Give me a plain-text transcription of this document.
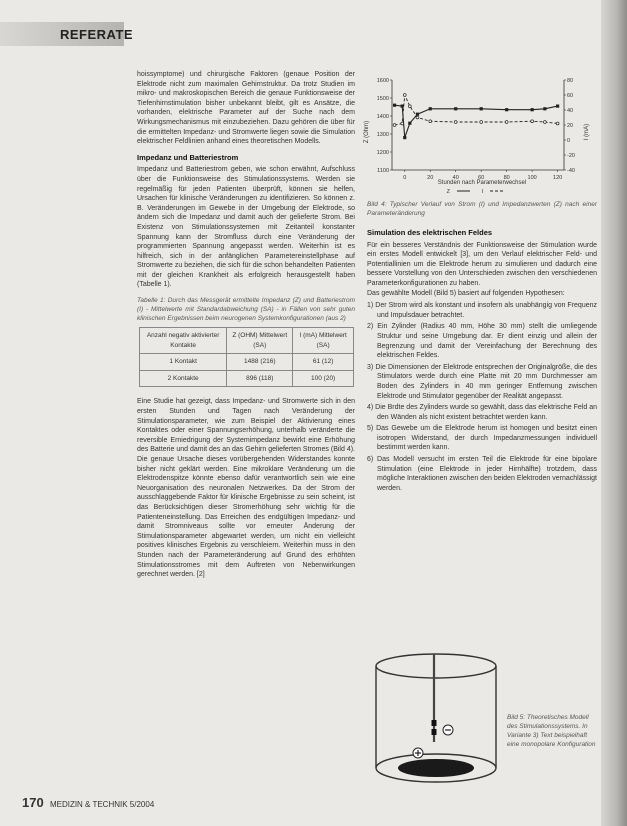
REFERATE

hoissymptome) und chirurgische Faktoren (genaue Position der Elektrode nicht zum maximalen Gehirnstruktur. Da trotz Studien im mikro- und makroskopischen Bereich die genaue Funktionsweise der Tiefenhirnstimulation bisher unbekannt bleibt, gilt es Ansätze, die vorhanden, elektrische Parameter auf der Suche nach dem Wirkungsmechanismus mit einzubeziehen. Dazu gehören die über für die ermittelten Impedanz- und Stromwerte liegen sowie die Simulation elektrischer Feldlinien anhand eines theoretischen Modells.

Impedanz und Batteriestrom

Impedanz und Batteriestrom geben, wie schon erwähnt, Aufschluss über die Funktionsweise des Stimulationssystems. Werden sie regelmäßig für jeden Patienten überprüft, können sie helfen, Ursachen für klinische Veränderungen zu identifizieren. So können z. B. Veränderungen im Gewebe in der Umgebung der Elektrode, so ändern sich die Impedanz und damit auch der gelieferte Strom. Bei Existenz von Stimulationssystemen mit Zeitanteil konstanter Spannung kann der Stromfluss durch eine Veränderung der programmierten Spannung angepasst werden. Weiterhin ist es hilfreich, sich in der anfänglichen Parametereinstellphase auf Stromwerte zu beziehen, die sich für die schon behandelten Patienten mit der gleichen Krankheit als erfolgreich herausgestellt haben (Tabelle 1).

Tabelle 1: Durch das Messgerät ermittelte Impedanz (Z) und Batteriestrom (I) - Mittelwerte mit Standardabweichung (SA) - in Fällen von sehr guten klinischen Ergebnissen beim neurogenen Systemkonfigurationen (aus 2)

Anzahl negativ aktivierter Kontakte	Z (OHM) Mittelwert (SA)	I (mA) Mittelwert (SA)
1 Kontakt	1488 (216)	61 (12)
2 Kontakte	896 (118)	100 (20)

Eine Studie hat gezeigt, dass Impedanz- und Stromwerte sich in den ersten Stunden und Tagen nach Veränderung der Stimulationsparameter, wie zum Beispiel der Aktivierung eines Kontaktes oder einer Spannungserhöhung, unterhalb veränderte die reversible Erniedrigung der Systemimpedanz bewirkt eine Erhöhung des Batterie und damit des an das Gehirn gelieferten Stromes (Bild 4). Die genaue Ursache dieses vorübergehenden Widerstandes konnte bisher nicht geklärt werden. Eine mikroklare Veränderung um die Elektrodenspitze könnte ebenso dafür verantwortlich sein wie eine Neuorganisation des neuronalen Netzwerkes. Da der Strom der ausschlaggebende Faktor für klinische Ergebnisse zu sein scheint, ist das Berücksichtigen dieser Stromerhöhung sehr wichtig für die Patienteneinstellung. Das Erreichen des endgültigen Impedanz- und damit Stromniveaus sollte vor erneuter Änderung der Stimulationsparameter abgewartet werden, um nicht ein vielleicht positives klinisches Ergebnis zu verschleiern. Weiterhin muss in den Stunden nach der Parameteränderung auf Grund des erhöhten Stimulationsstromes mit dem Auftreten von Nebenwirkungen gerechnet werden. [2]

0	20	40	60	80	100	120
1100
1200
1300
1400
1500
1600
-40
-20
0
20
40
60
80
Stunden nach Parameterwechsel
Z (Ohm)	I (mA)
Z	I

Bild 4: Typischer Verlauf von Strom (I) und Impedanzwerten (Z) nach einer Parameteränderung

Simulation des elektrischen Feldes

Für ein besseres Verständnis der Funktionsweise der Stimulation wurde ein erstes Modell entwickelt [3], um den Verlauf elektrischer Feld- und Potentiallinien um die Elektrode herum zu simulieren und dadurch eine bessere Vorstellung von den Unterschieden zwischen den verschiedenen Parameterkonfigurationen zu haben.

Das gewählte Modell (Bild 5) basiert auf folgenden Hypothesen:

1) Der Strom wird als konstant und insofern als unabhängig von Frequenz und Impulsdauer betrachtet.
2) Ein Zylinder (Radius 40 mm, Höhe 30 mm) stellt die umliegende Struktur und seine Umgebung dar. Er dient einzig und allein der Begrenzung und damit der Vereinfachung der Berechnung des elektrischen Feldes.
3) Die Dimensionen der Elektrode entsprechen der Originalgröße, die des Stimulators werde durch eine Platte mit 20 mm Durchmesser am Boden des Zylinders in 40 mm geringer Entfernung zwischen Elektrode und Stimulator gegenüber der Realität angepasst.
4) Die Brdte des Zylinders wurde so gewählt, dass das elektrische Feld an den Wänden als nicht existent betrachtet werden kann.
5) Das Gewebe um die Elektrode herum ist homogen und besitzt einen isotropen Widerstand, der durch Impedanzmessungen individuell bestimmt werden kann.
6) Das Modell versucht im ersten Teil die Elektrode für eine bipolare Stimulation (eine Elektrode in jeder Hirnhälfte) trotzdem, dass mögliche Interaktionen zwischen den beiden Elektroden vernachlässigt werden.
Bild 5: Theoretisches Modell des Stimulationssystems. In Variante 3) Text beispielhaft eine monopolare Konfiguration
170 MEDIZIN & TECHNIK 5/2004
